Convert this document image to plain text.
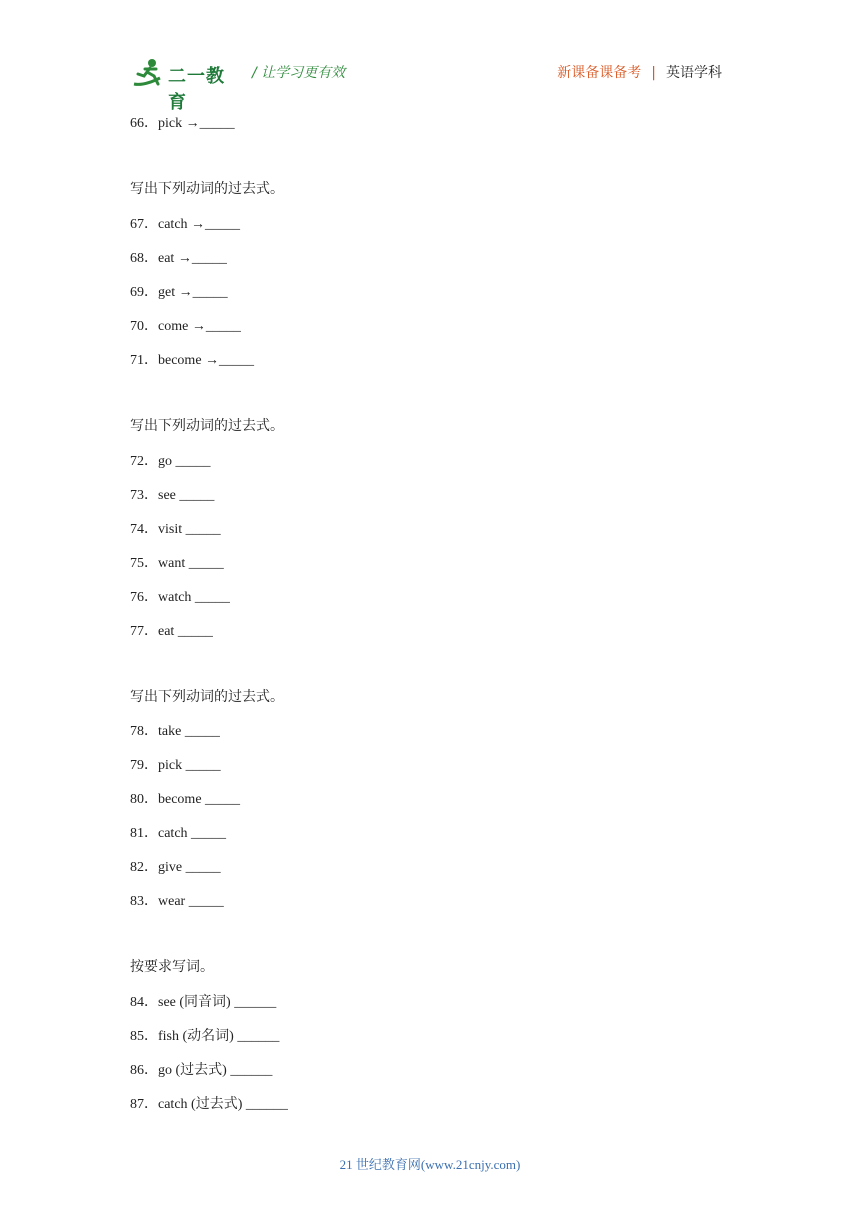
二一教育
/ 让学习更有效	新课备课备考 | 英语学科
66．pick →_____
写出下列动词的过去式。
67．catch →_____
68．eat →_____
69．get →_____
70．come →_____
71．become →_____
写出下列动词的过去式。
72．go _____
73．see _____
74．visit _____
75．want _____
76．watch _____
77．eat _____
写出下列动词的过去式。
78．take _____
79．pick _____
80．become _____
81．catch _____
82．give _____
83．wear _____
按要求写词。
84．see (同音词) ______
85．fish (动名词) ______
86．go (过去式) ______
87．catch (过去式) ______
21 世纪教育网(www.21cnjy.com)
